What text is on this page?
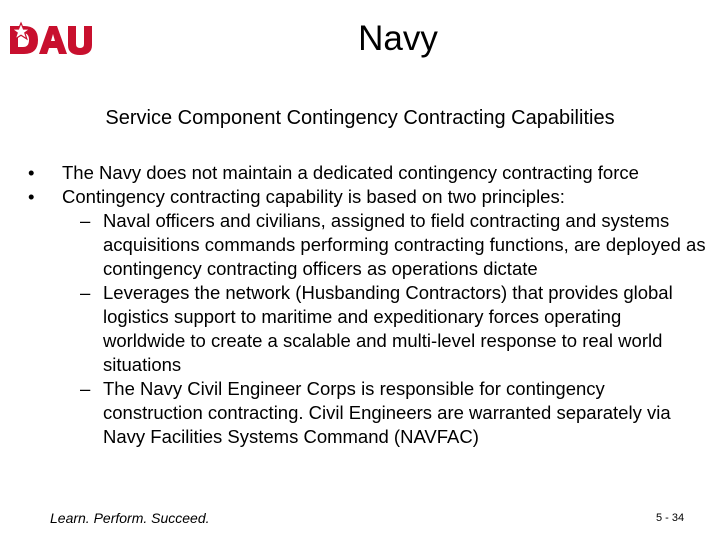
Navy
Service Component Contingency Contracting Capabilities
• The Navy does not maintain a dedicated contingency contracting force
• Contingency contracting capability is based on two principles:
– Naval officers and civilians, assigned to field contracting and systems acquisitions commands performing contracting functions, are deployed as contingency contracting officers as operations dictate
– Leverages the network (Husbanding Contractors) that provides global logistics support to maritime and expeditionary forces operating worldwide to create a scalable and multi-level response to real world situations
– The Navy Civil Engineer Corps is responsible for contingency construction contracting. Civil Engineers are warranted separately via Navy Facilities Systems Command (NAVFAC)
Learn. Perform. Succeed.	5 - 34
